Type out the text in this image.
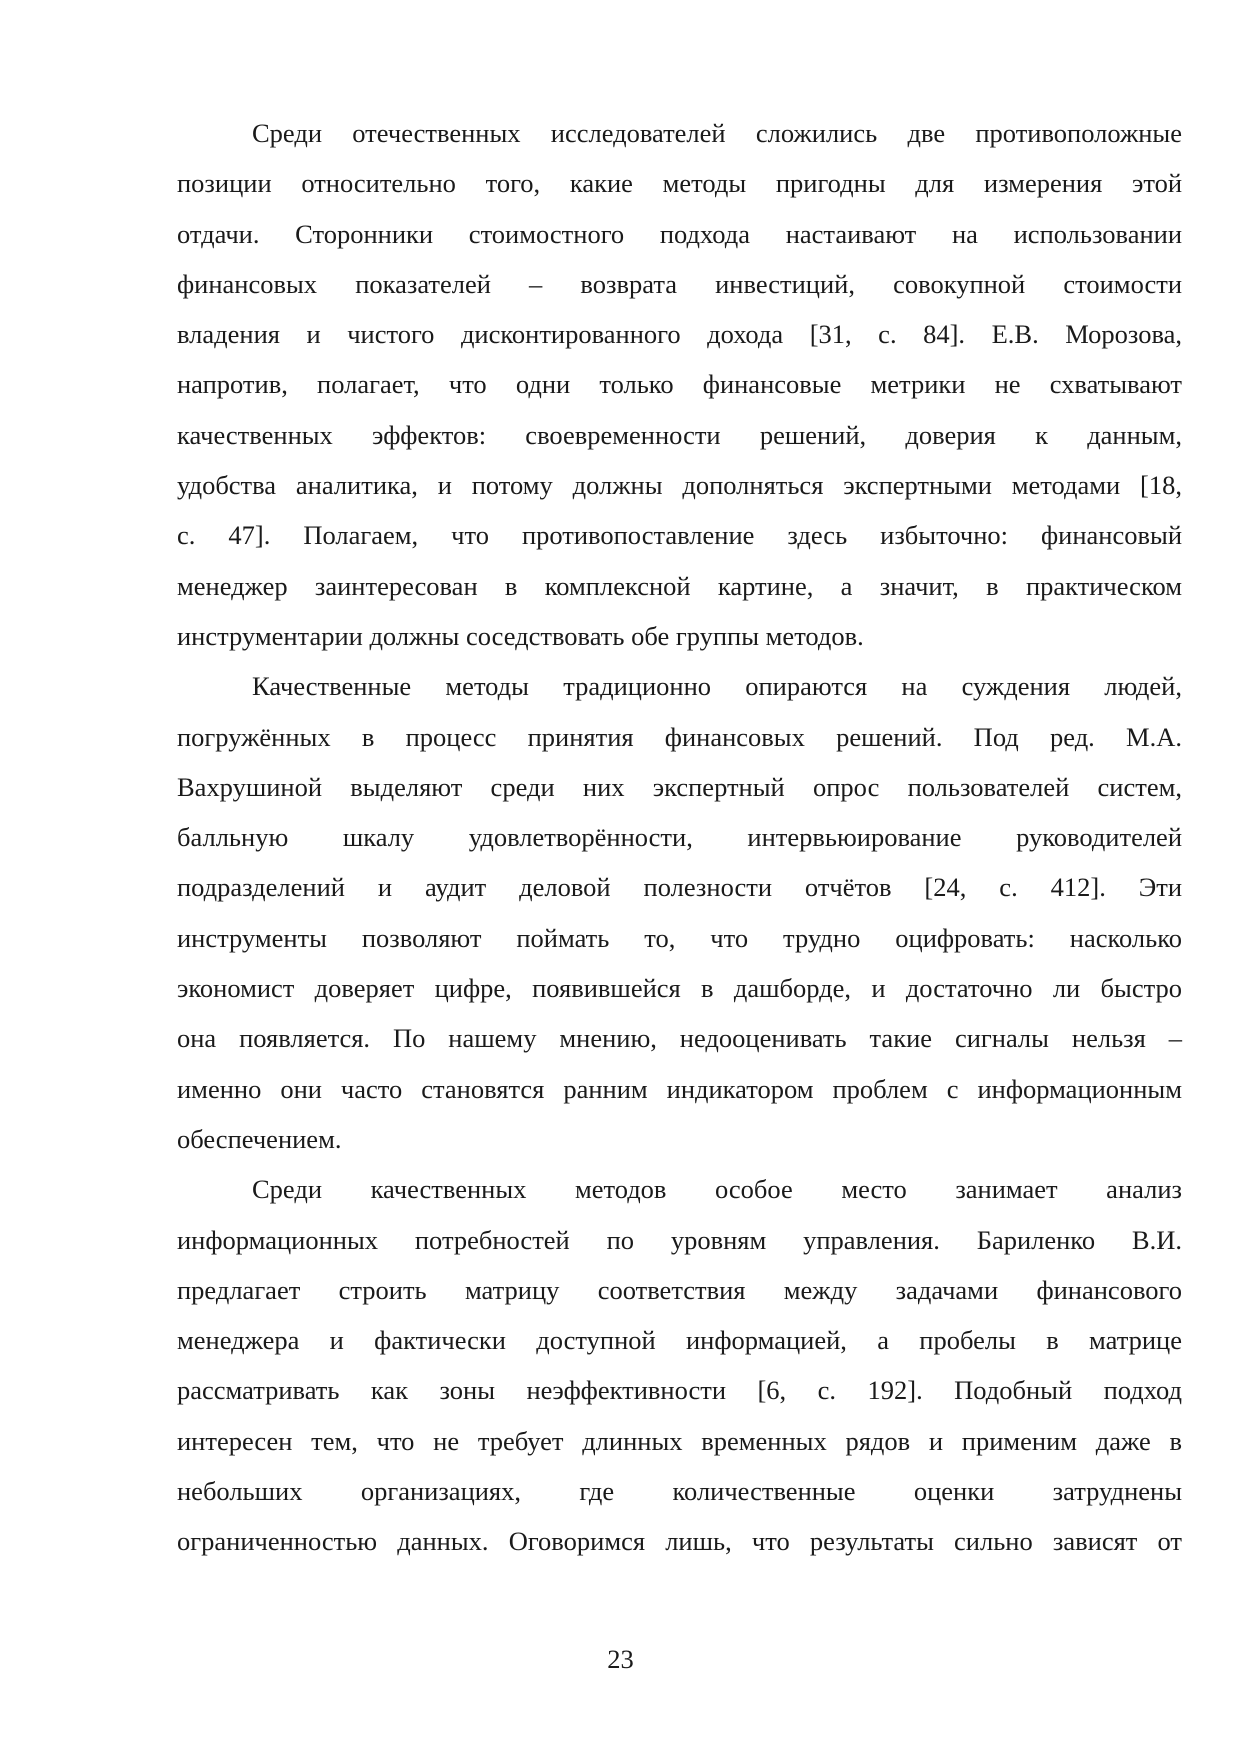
Среди отечественных исследователей сложились две противоположные
позиции относительно того, какие методы пригодны для измерения этой
отдачи. Сторонники стоимостного подхода настаивают на использовании
финансовых показателей – возврата инвестиций, совокупной стоимости
владения и чистого дисконтированного дохода [31, с. 84]. Е.В. Морозова,
напротив, полагает, что одни только финансовые метрики не схватывают
качественных эффектов: своевременности решений, доверия к данным,
удобства аналитика, и потому должны дополняться экспертными методами [18,
с. 47]. Полагаем, что противопоставление здесь избыточно: финансовый
менеджер заинтересован в комплексной картине, а значит, в практическом
инструментарии должны соседствовать обе группы методов.
Качественные методы традиционно опираются на суждения людей,
погружённых в процесс принятия финансовых решений. Под ред. М.А.
Вахрушиной выделяют среди них экспертный опрос пользователей систем,
балльную шкалу удовлетворённости, интервьюирование руководителей
подразделений и аудит деловой полезности отчётов [24, с. 412]. Эти
инструменты позволяют поймать то, что трудно оцифровать: насколько
экономист доверяет цифре, появившейся в дашборде, и достаточно ли быстро
она появляется. По нашему мнению, недооценивать такие сигналы нельзя –
именно они часто становятся ранним индикатором проблем с информационным
обеспечением.
Среди качественных методов особое место занимает анализ
информационных потребностей по уровням управления. Бариленко В.И.
предлагает строить матрицу соответствия между задачами финансового
менеджера и фактически доступной информацией, а пробелы в матрице
рассматривать как зоны неэффективности [6, с. 192]. Подобный подход
интересен тем, что не требует длинных временных рядов и применим даже в
небольших организациях, где количественные оценки затруднены
ограниченностью данных. Оговоримся лишь, что результаты сильно зависят от
23
